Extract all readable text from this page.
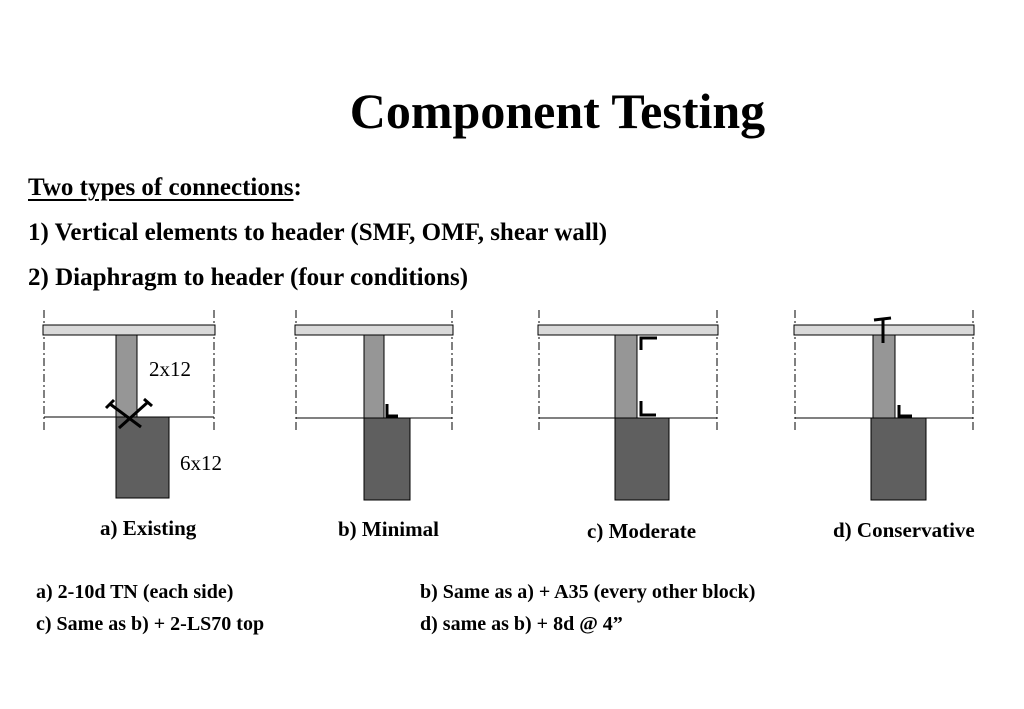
Component Testing
Two types of connections:
1) Vertical elements to header (SMF, OMF, shear wall)
2) Diaphragm to header (four conditions)
2x12
6x12
a) Existing	b) Minimal	c) Moderate	d) Conservative
a) 2-10d TN (each side)	b) Same as a) + A35 (every other block)
c) Same as b) + 2-LS70 top	d) same as b) + 8d @ 4”
